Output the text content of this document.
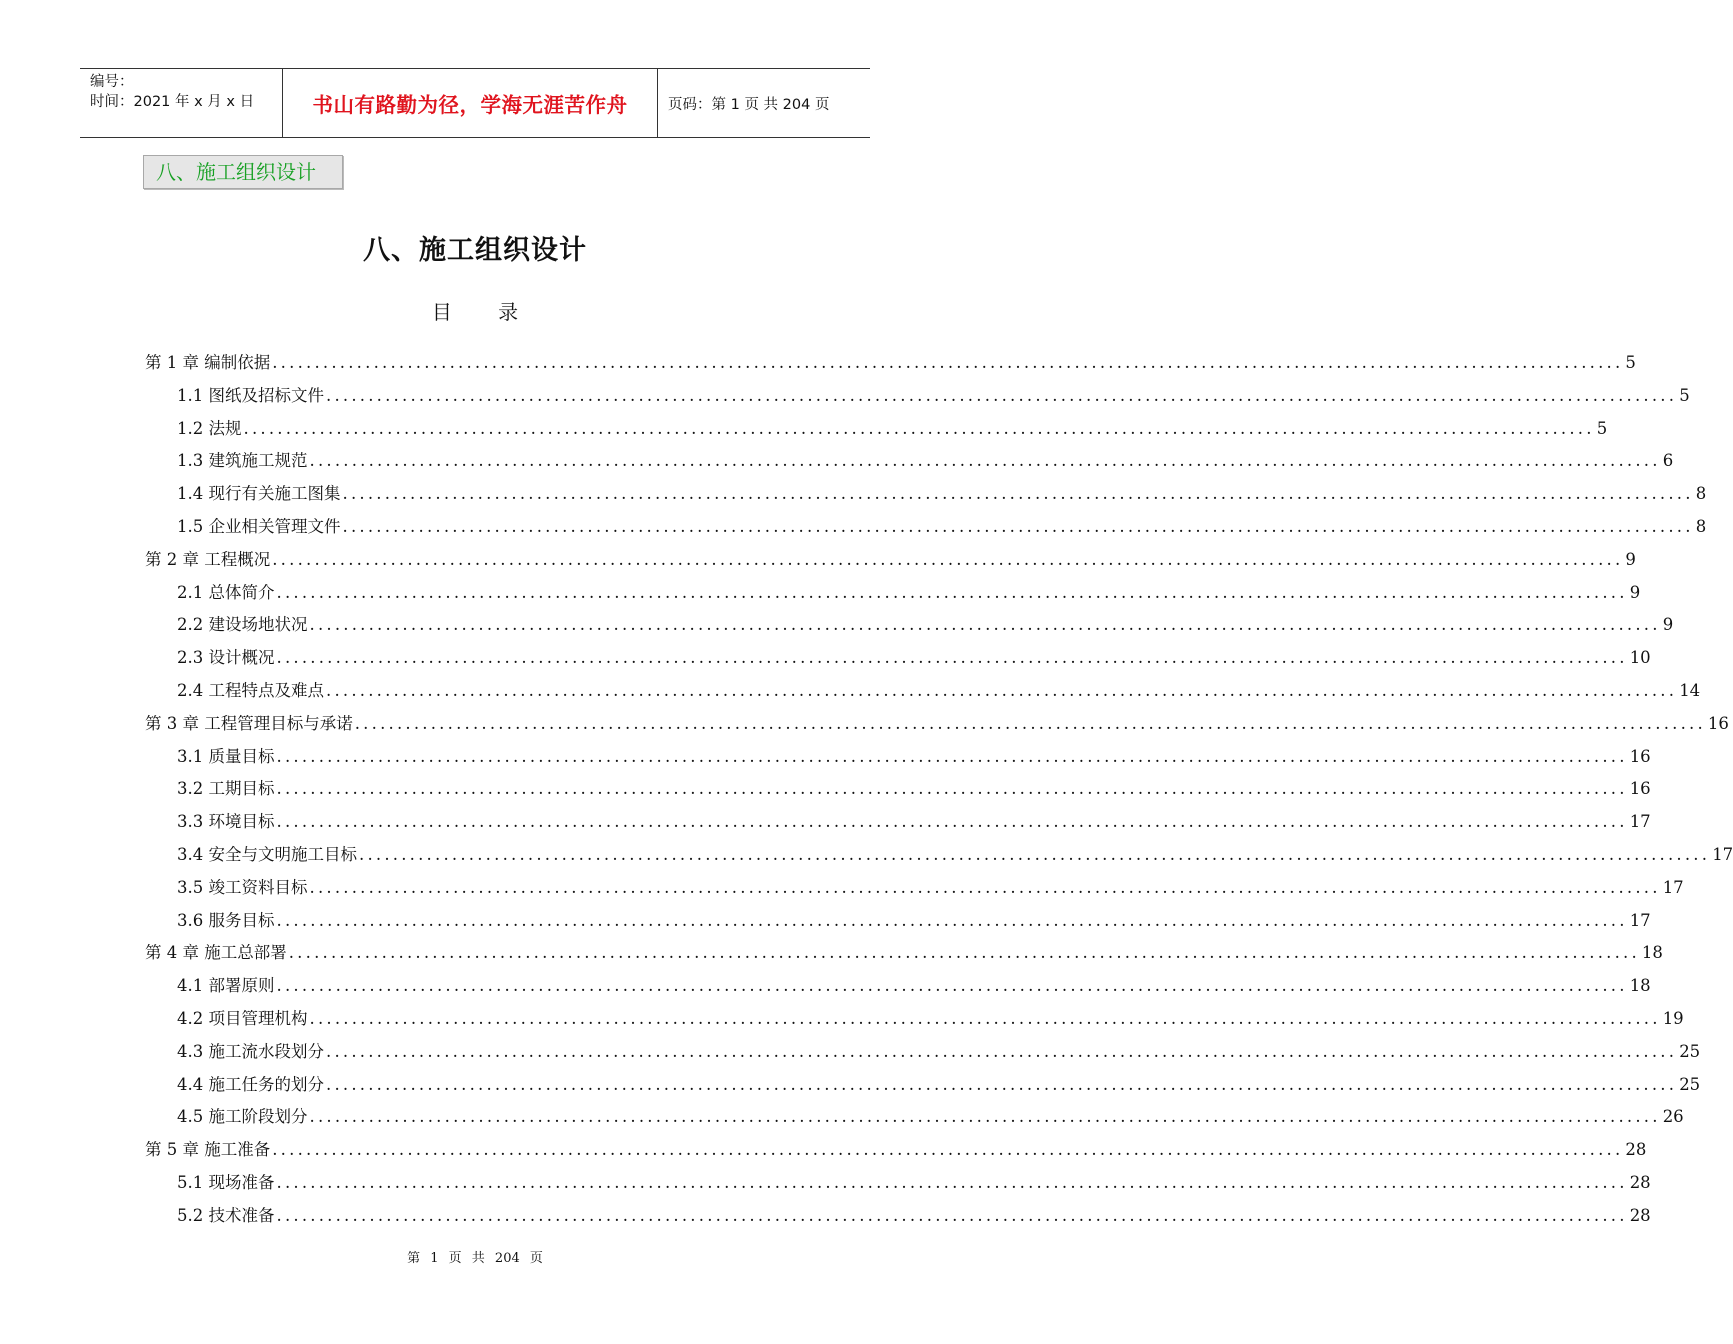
编号：
时间：2021 年 x 月 x 日	书山有路勤为径，学海无涯苦作舟	页码：第 1 页 共 204 页
八、施工组织设计
八、施工组织设计
目 录
第 1 章 编制依据 ................................................................................................................................................................ 5
1.1 图纸及招标文件 ................................................................................................................................................................ 5
1.2 法规 ................................................................................................................................................................ 5
1.3 建筑施工规范 ................................................................................................................................................................ 6
1.4 现行有关施工图集 ................................................................................................................................................................ 8
1.5 企业相关管理文件 ................................................................................................................................................................ 8
第 2 章 工程概况 ................................................................................................................................................................ 9
2.1 总体简介 ................................................................................................................................................................ 9
2.2 建设场地状况 ................................................................................................................................................................ 9
2.3 设计概况 ................................................................................................................................................................ 10
2.4 工程特点及难点 ................................................................................................................................................................ 14
第 3 章 工程管理目标与承诺 ................................................................................................................................................................ 16
3.1 质量目标 ................................................................................................................................................................ 16
3.2 工期目标 ................................................................................................................................................................ 16
3.3 环境目标 ................................................................................................................................................................ 17
3.4 安全与文明施工目标 ................................................................................................................................................................ 17
3.5 竣工资料目标 ................................................................................................................................................................ 17
3.6 服务目标 ................................................................................................................................................................ 17
第 4 章 施工总部署 ................................................................................................................................................................ 18
4.1 部署原则 ................................................................................................................................................................ 18
4.2 项目管理机构 ................................................................................................................................................................ 19
4.3 施工流水段划分 ................................................................................................................................................................ 25
4.4 施工任务的划分 ................................................................................................................................................................ 25
4.5 施工阶段划分 ................................................................................................................................................................ 26
第 5 章 施工准备 ................................................................................................................................................................ 28
5.1 现场准备 ................................................................................................................................................................ 28
5.2 技术准备 ................................................................................................................................................................ 28
第 1 页 共 204 页
